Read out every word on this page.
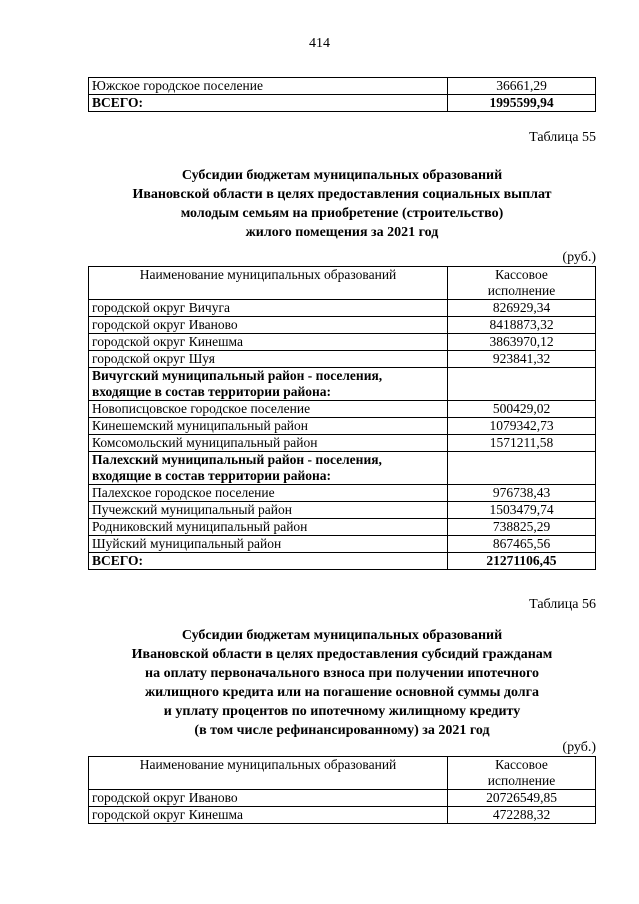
414
Южское городское поселение	36661,29
ВСЕГО:	1995599,94
Таблица 55
Субсидии бюджетам муниципальных образований
Ивановской области в целях предоставления социальных выплат
молодым семьям на приобретение (строительство)
жилого помещения за 2021 год
(руб.)
Наименование муниципальных образований	Кассовое
исполнение

городской округ Вичуга	826929,34
городской округ Иваново	8418873,32
городской округ Кинешма	3863970,12
городской округ Шуя	923841,32

Вичугский муниципальный район - поселения,
входящие в состав территории района:	

Новописцовское городское поселение	500429,02
Кинешемский муниципальный район	1079342,73
Комсомольский муниципальный район	1571211,58

Палехский муниципальный район - поселения,
входящие в состав территории района:	

Палехское городское поселение	976738,43
Пучежский муниципальный район	1503479,74
Родниковский муниципальный район	738825,29
Шуйский муниципальный район	867465,56
ВСЕГО:	21271106,45
Таблица 56
Субсидии бюджетам муниципальных образований
Ивановской области в целях предоставления субсидий гражданам
на оплату первоначального взноса при получении ипотечного
жилищного кредита или на погашение основной суммы долга
и уплату процентов по ипотечному жилищному кредиту
(в том числе рефинансированному) за 2021 год
(руб.)
Наименование муниципальных образований	Кассовое
исполнение

городской округ Иваново	20726549,85
городской округ Кинешма	472288,32
